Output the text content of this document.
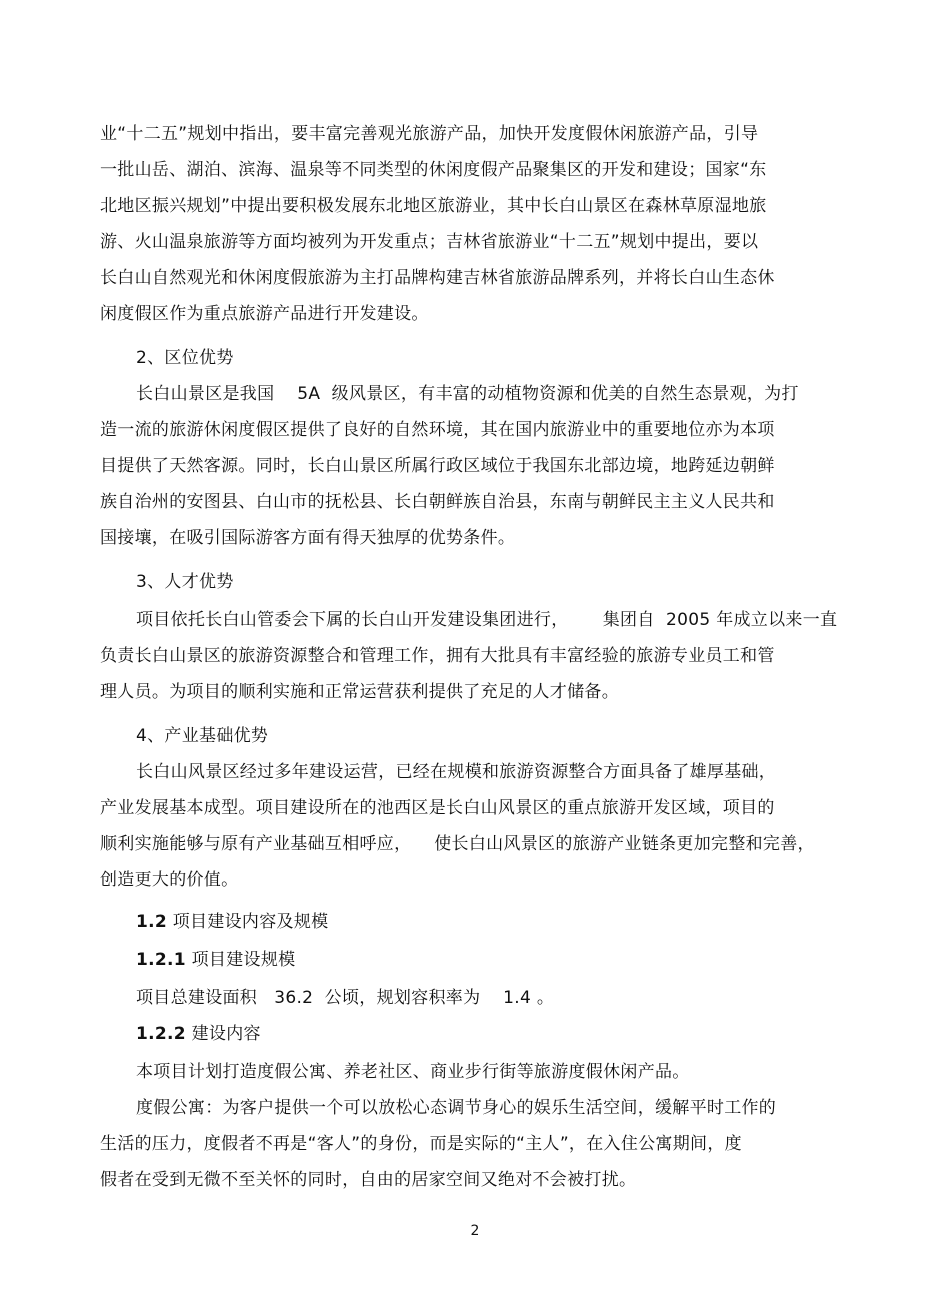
业“十二五”规划中指出，要丰富完善观光旅游产品，加快开发度假休闲旅游产品，引导
一批山岳、湖泊、滨海、温泉等不同类型的休闲度假产品聚集区的开发和建设；国家“东
北地区振兴规划”中提出要积极发展东北地区旅游业，其中长白山景区在森林草原湿地旅
游、火山温泉旅游等方面均被列为开发重点；吉林省旅游业“十二五”规划中提出，要以
长白山自然观光和休闲度假旅游为主打品牌构建吉林省旅游品牌系列，并将长白山生态休
闲度假区作为重点旅游产品进行开发建设。
2、区位优势
长白山景区是我国    5A  级风景区，有丰富的动植物资源和优美的自然生态景观，为打
造一流的旅游休闲度假区提供了良好的自然环境，其在国内旅游业中的重要地位亦为本项
目提供了天然客源。同时，长白山景区所属行政区域位于我国东北部边境，地跨延边朝鲜
族自治州的安图县、白山市的抚松县、长白朝鲜族自治县，东南与朝鲜民主主义人民共和
国接壤，在吸引国际游客方面有得天独厚的优势条件。
3、人才优势
项目依托长白山管委会下属的长白山开发建设集团进行，      集团自  2005 年成立以来一直
负责长白山景区的旅游资源整合和管理工作，拥有大批具有丰富经验的旅游专业员工和管
理人员。为项目的顺利实施和正常运营获利提供了充足的人才储备。
4、产业基础优势
长白山风景区经过多年建设运营，已经在规模和旅游资源整合方面具备了雄厚基础，
产业发展基本成型。项目建设所在的池西区是长白山风景区的重点旅游开发区域，项目的
顺利实施能够与原有产业基础互相呼应，    使长白山风景区的旅游产业链条更加完整和完善，
创造更大的价值。
1.2 项目建设内容及规模
1.2.1 项目建设规模
项目总建设面积   36.2  公顷，规划容积率为    1.4 。
1.2.2 建设内容
本项目计划打造度假公寓、养老社区、商业步行街等旅游度假休闲产品。
度假公寓：为客户提供一个可以放松心态调节身心的娱乐生活空间，缓解平时工作的
生活的压力，度假者不再是“客人”的身份，而是实际的“主人”，在入住公寓期间，度
假者在受到无微不至关怀的同时，自由的居家空间又绝对不会被打扰。
2
